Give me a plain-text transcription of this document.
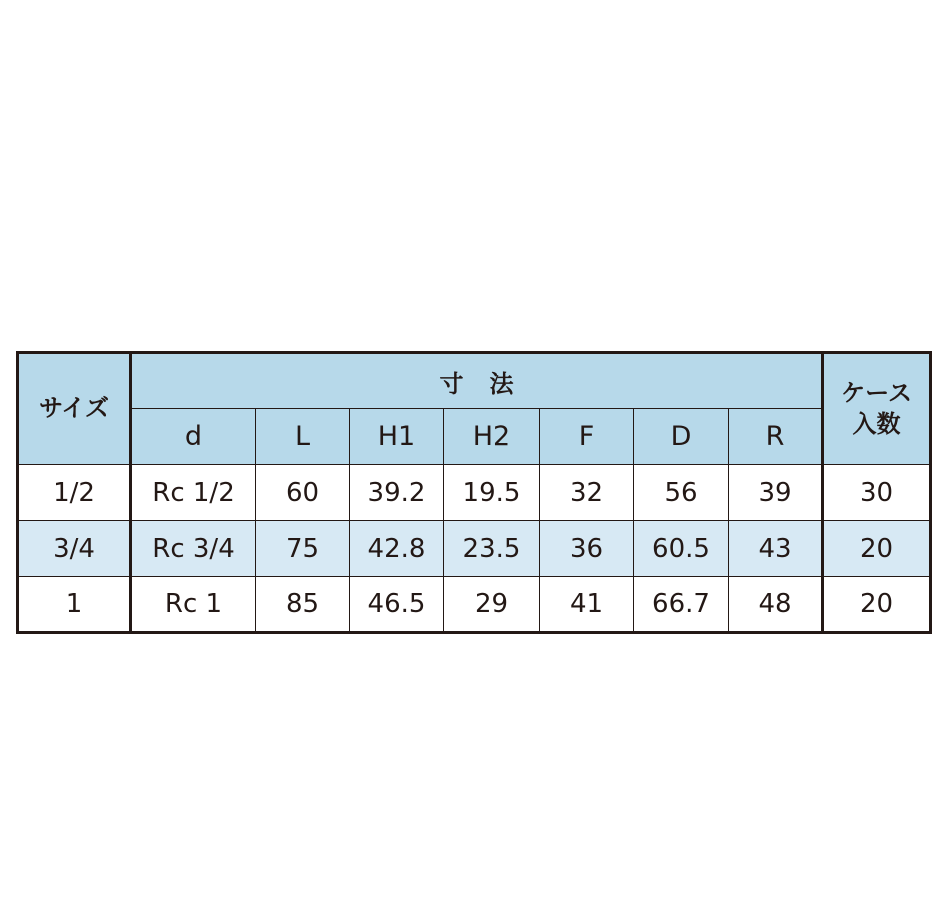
サイズ	寸法							ケース
入数

	d	L	H1	H2	F	D	R	
1/2	Rc 1/2	60	39.2	19.5	32	56	39	30
3/4	Rc 3/4	75	42.8	23.5	36	60.5	43	20
1	Rc 1	85	46.5	29	41	66.7	48	20
